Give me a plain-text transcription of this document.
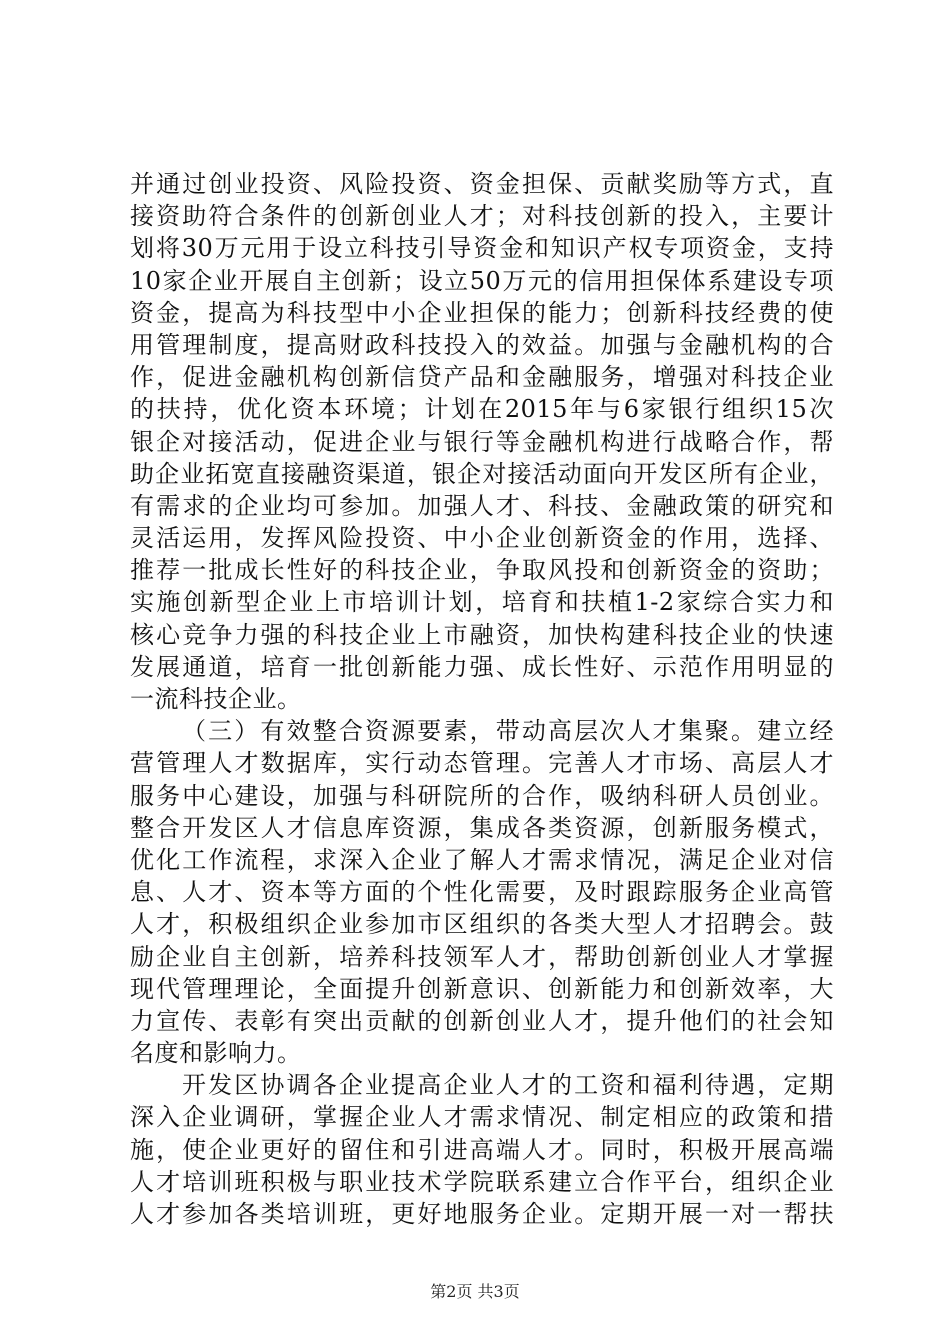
并通过创业投资、风险投资、资金担保、贡献奖励等方式，直
接资助符合条件的创新创业人才；对科技创新的投入，主要计
划将30万元用于设立科技引导资金和知识产权专项资金，支持
10家企业开展自主创新；设立50万元的信用担保体系建设专项
资金，提高为科技型中小企业担保的能力；创新科技经费的使
用管理制度，提高财政科技投入的效益。加强与金融机构的合
作，促进金融机构创新信贷产品和金融服务，增强对科技企业
的扶持，优化资本环境；计划在2015年与6家银行组织15次
银企对接活动，促进企业与银行等金融机构进行战略合作，帮
助企业拓宽直接融资渠道，银企对接活动面向开发区所有企业，
有需求的企业均可参加。加强人才、科技、金融政策的研究和
灵活运用，发挥风险投资、中小企业创新资金的作用，选择、
推荐一批成长性好的科技企业，争取风投和创新资金的资助；
实施创新型企业上市培训计划，培育和扶植1-2家综合实力和
核心竞争力强的科技企业上市融资，加快构建科技企业的快速
发展通道，培育一批创新能力强、成长性好、示范作用明显的
一流科技企业。
（三）有效整合资源要素，带动高层次人才集聚。建立经
营管理人才数据库，实行动态管理。完善人才市场、高层人才
服务中心建设，加强与科研院所的合作，吸纳科研人员创业。
整合开发区人才信息库资源，集成各类资源，创新服务模式，
优化工作流程，求深入企业了解人才需求情况，满足企业对信
息、人才、资本等方面的个性化需要，及时跟踪服务企业高管
人才，积极组织企业参加市区组织的各类大型人才招聘会。鼓
励企业自主创新，培养科技领军人才，帮助创新创业人才掌握
现代管理理论，全面提升创新意识、创新能力和创新效率，大
力宣传、表彰有突出贡献的创新创业人才，提升他们的社会知
名度和影响力。
开发区协调各企业提高企业人才的工资和福利待遇，定期
深入企业调研，掌握企业人才需求情况、制定相应的政策和措
施，使企业更好的留住和引进高端人才。同时，积极开展高端
人才培训班积极与职业技术学院联系建立合作平台，组织企业
人才参加各类培训班，更好地服务企业。定期开展一对一帮扶
第2页 共3页
